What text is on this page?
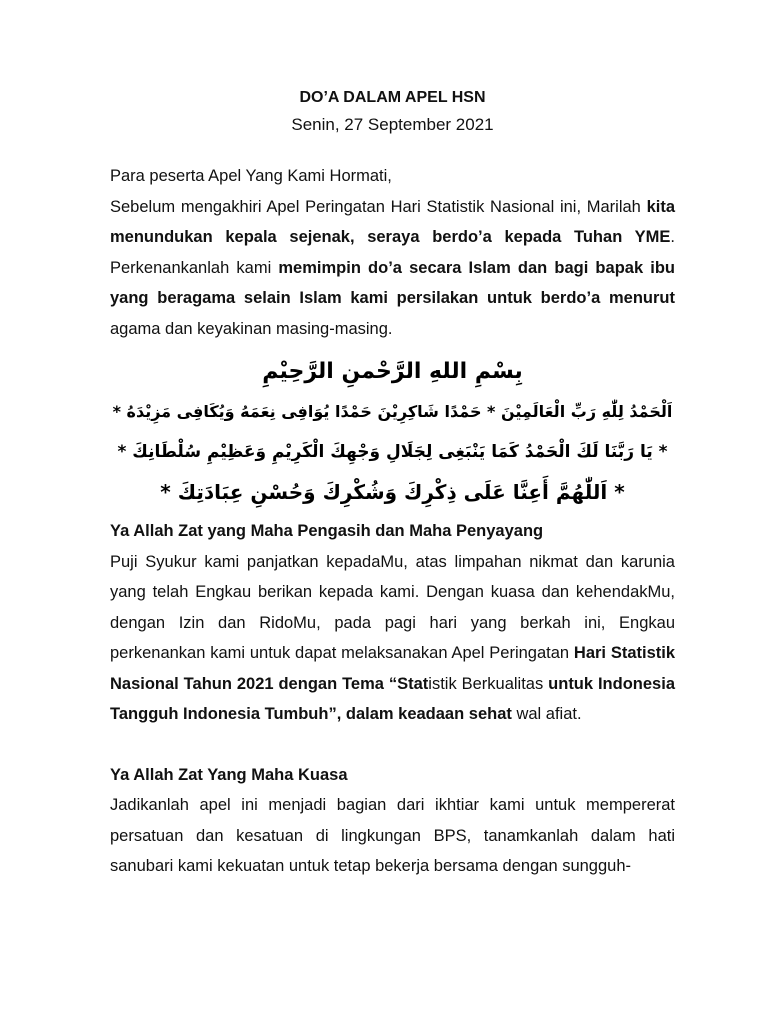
DO’A DALAM APEL HSN

Senin, 27 September 2021

Para peserta Apel Yang Kami Hormati,

Sebelum mengakhiri Apel Peringatan Hari Statistik Nasional ini, Marilah kita menundukan kepala sejenak, seraya berdo’a kepada Tuhan YME. Perkenankanlah kami memimpin do’a secara Islam dan bagi bapak ibu yang beragama selain Islam kami persilakan untuk berdo’a menurut agama dan keyakinan masing-masing.

بِسْمِ اللهِ الرَّحْمنِ الرَّحِيْمِ
اَلْحَمْدُ لِلّٰهِ رَبِّ الْعَالَمِيْنَ * حَمْدًا شَاكِرِيْنَ حَمْدًا يُوَافِى نِعَمَهُ وَيُكَافِى مَزِيْدَهُ *
* يَا رَبَّنَا لَكَ الْحَمْدُ كَمَا يَنْبَغِى لِجَلَالِ وَجْهِكَ الْكَرِيْمِ وَعَظِيْمِ سُلْطَانِكَ *
* اَللّٰهُمَّ أَعِنَّا عَلَى ذِكْرِكَ وَشُكْرِكَ وَحُسْنِ عِبَادَتِكَ *

Ya Allah Zat yang Maha Pengasih dan Maha Penyayang

Puji Syukur kami panjatkan kepadaMu, atas limpahan nikmat dan karunia yang telah Engkau berikan kepada kami. Dengan kuasa dan kehendakMu, dengan Izin dan RidoMu, pada pagi hari yang berkah ini, Engkau perkenankan kami untuk dapat melaksanakan Apel Peringatan Hari Statistik Nasional Tahun 2021 dengan Tema “Statistik Berkualitas untuk Indonesia Tangguh Indonesia Tumbuh”, dalam keadaan sehat wal afiat.

Ya Allah Zat Yang Maha Kuasa

Jadikanlah apel ini menjadi bagian dari ikhtiar kami untuk mempererat persatuan dan kesatuan di lingkungan BPS, tanamkanlah dalam hati sanubari kami kekuatan untuk tetap bekerja bersama dengan sungguh-
